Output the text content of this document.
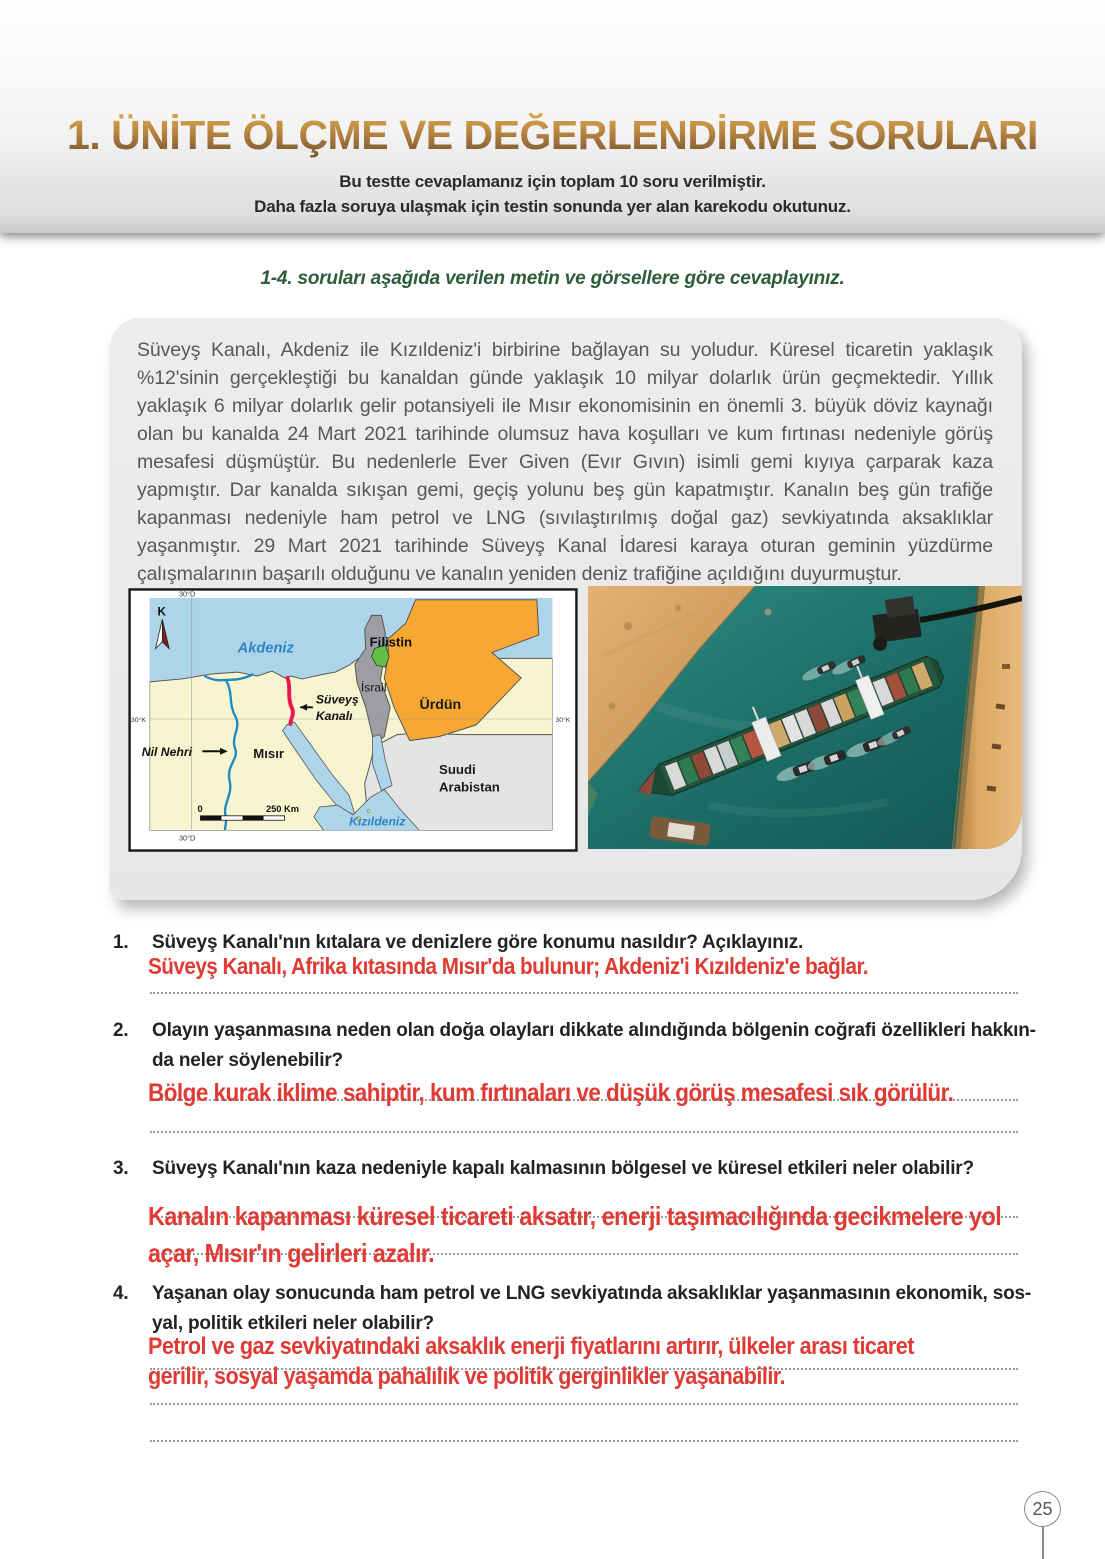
1. ÜNİTE ÖLÇME VE DEĞERLENDİRME SORULARI
Bu testte cevaplamanız için toplam 10 soru verilmiştir.
Daha fazla soruya ulaşmak için testin sonunda yer alan karekodu okutunuz.
1-4. soruları aşağıda verilen metin ve görsellere göre cevaplayınız.
Süveyş Kanalı, Akdeniz ile Kızıldeniz'i birbirine bağlayan su yoludur. Küresel ticaretin yaklaşık %12'sinin gerçekleştiği bu kanaldan günde yaklaşık 10 milyar dolarlık ürün geçmektedir. Yıllık yaklaşık 6 milyar dolarlık gelir potansiyeli ile Mısır ekonomisinin en önemli 3. büyük döviz kaynağı olan bu kanalda 24 Mart 2021 tarihinde olumsuz hava koşulları ve kum fırtınası nedeniyle görüş mesafesi düşmüştür. Bu nedenlerle Ever Given (Evır Gıvın) isimli gemi kıyıya çarparak kaza yapmıştır. Dar kanalda sıkışan gemi, geçiş yolunu beş gün kapatmıştır. Kanalın beş gün trafiğe kapanması nedeniyle ham petrol ve LNG (sıvılaştırılmış doğal gaz) sevkiyatında aksaklıklar yaşanmıştır. 29 Mart 2021 tarihinde Süveyş Kanal İdaresi karaya oturan geminin yüzdürme çalışmalarının başarılı olduğunu ve kanalın yeniden deniz trafiğine açıldığını duyurmuştur.
K
30°D
30°D
30°K	30°K
Akdeniz	Filistin
İsrail
Ürdün
Suudi
Arabistan
Mısır
Kızıldeniz
Süveyş
Kanalı
Nil Nehri
0	250 Km
1.	Süveyş Kanalı'nın kıtalara ve denizlere göre konumu nasıldır? Açıklayınız.
Süveyş Kanalı, Afrika kıtasında Mısır'da bulunur; Akdeniz'i Kızıldeniz'e bağlar.
2.	Olayın yaşanmasına neden olan doğa olayları dikkate alındığında bölgenin coğrafi özellikleri hakkın-
da neler söylenebilir?
Bölge kurak iklime sahiptir, kum fırtınaları ve düşük görüş mesafesi sık görülür.
3.	Süveyş Kanalı'nın kaza nedeniyle kapalı kalmasının bölgesel ve küresel etkileri neler olabilir?
Kanalın kapanması küresel ticareti aksatır, enerji taşımacılığında gecikmelere yol
açar, Mısır'ın gelirleri azalır.
4.	Yaşanan olay sonucunda ham petrol ve LNG sevkiyatında aksaklıklar yaşanmasının ekonomik, sos-
yal, politik etkileri neler olabilir?
Petrol ve gaz sevkiyatındaki aksaklık enerji fiyatlarını artırır, ülkeler arası ticaret
gerilir, sosyal yaşamda pahalılık ve politik gerginlikler yaşanabilir.
25
